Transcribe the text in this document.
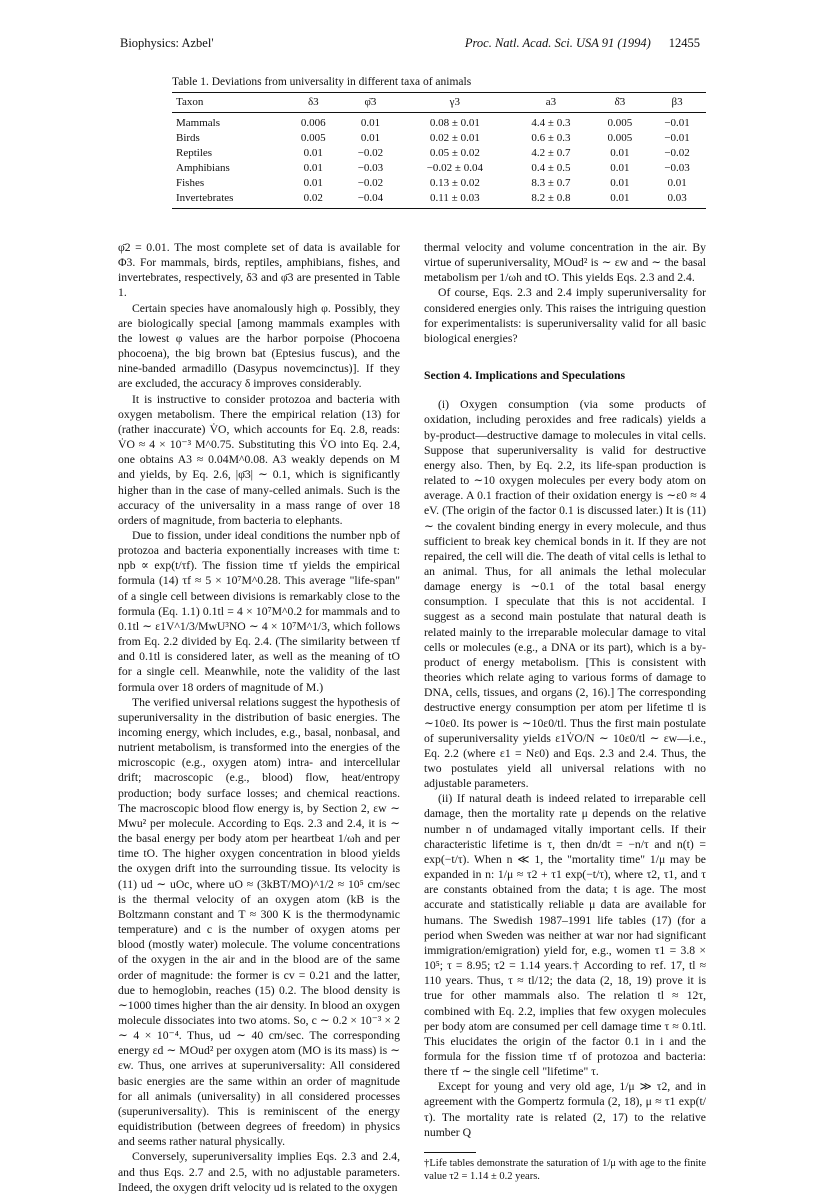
Biophysics: Azbel'	Proc. Natl. Acad. Sci. USA 91 (1994) 12455
Table 1. Deviations from universality in different taxa of animals
Taxon	δ3	φ̄3	γ3	a3	δ̄3	β3
Mammals	0.006	0.01	0.08 ± 0.01	4.4 ± 0.3	0.005	−0.01
Birds	0.005	0.01	0.02 ± 0.01	0.6 ± 0.3	0.005	−0.01
Reptiles	0.01	−0.02	0.05 ± 0.02	4.2 ± 0.7	0.01	−0.02
Amphibians	0.01	−0.03	−0.02 ± 0.04	0.4 ± 0.5	0.01	−0.03
Fishes	0.01	−0.02	0.13 ± 0.02	8.3 ± 0.7	0.01	0.01
Invertebrates	0.02	−0.04	0.11 ± 0.03	8.2 ± 0.8	0.01	0.03

φ̄2 = 0.01. The most complete set of data is available for Φ3. For mammals, birds, reptiles, amphibians, fishes, and invertebrates, respectively, δ3 and φ̄3 are presented in Table 1.

Certain species have anomalously high φ. Possibly, they are biologically special [among mammals examples with the lowest φ values are the harbor porpoise (Phocoena phocoena), the big brown bat (Eptesius fuscus), and the nine-banded armadillo (Dasypus novemcinctus)]. If they are excluded, the accuracy δ improves considerably.

It is instructive to consider protozoa and bacteria with oxygen metabolism. There the empirical relation (13) for (rather inaccurate) V̇O, which accounts for Eq. 2.8, reads: V̇O ≈ 4 × 10⁻³ M^0.75. Substituting this V̇O into Eq. 2.4, one obtains A3 ≈ 0.04M^0.08. A3 weakly depends on M and yields, by Eq. 2.6, |φ̄3| ∼ 0.1, which is significantly higher than in the case of many-celled animals. Such is the accuracy of the universality in a mass range of over 18 orders of magnitude, from bacteria to elephants.

Due to fission, under ideal conditions the number npb of protozoa and bacteria exponentially increases with time t: npb ∝ exp(t/τf). The fission time τf yields the empirical formula (14) τf ≈ 5 × 10⁷M^0.28. This average "life-span" of a single cell between divisions is remarkably close to the formula (Eq. 1.1) 0.1tl = 4 × 10⁷M^0.2 for mammals and to 0.1tl ∼ ε1V^1/3/MwU³NO ∼ 4 × 10⁷M^1/3, which follows from Eq. 2.2 divided by Eq. 2.4. (The similarity between τf and 0.1tl is considered later, as well as the meaning of tO for a single cell. Meanwhile, note the validity of the last formula over 18 orders of magnitude of M.)

The verified universal relations suggest the hypothesis of superuniversality in the distribution of basic energies. The incoming energy, which includes, e.g., basal, nonbasal, and nutrient metabolism, is transformed into the energies of the microscopic (e.g., oxygen atom) intra- and intercellular drift; macroscopic (e.g., blood) flow, heat/entropy production; body surface losses; and chemical reactions. The macroscopic blood flow energy is, by Section 2, εw ∼ Mwu² per molecule. According to Eqs. 2.3 and 2.4, it is ∼ the basal energy per body atom per heartbeat 1/ωh and per time tO. The higher oxygen concentration in blood yields the oxygen drift into the surrounding tissue. Its velocity is (11) ud ∼ uOc, where uO ≈ (3kBT/MO)^1/2 ≈ 10⁵ cm/sec is the thermal velocity of an oxygen atom (kB is the Boltzmann constant and T ≈ 300 K is the thermodynamic temperature) and c is the number of oxygen atoms per blood (mostly water) molecule. The volume concentrations of the oxygen in the air and in the blood are of the same order of magnitude: the former is cv = 0.21 and the latter, due to hemoglobin, reaches (15) 0.2. The blood density is ∼1000 times higher than the air density. In blood an oxygen molecule dissociates into two atoms. So, c ∼ 0.2 × 10⁻³ × 2 ∼ 4 × 10⁻⁴. Thus, ud ∼ 40 cm/sec. The corresponding energy εd ∼ MOud² per oxygen atom (MO is its mass) is ∼ εw. Thus, one arrives at superuniversality: All considered basic energies are the same within an order of magnitude for all animals (universality) in all considered processes (superuniversality). This is reminiscent of the energy equidistribution (between degrees of freedom) in physics and seems rather natural physically.

Conversely, superuniversality implies Eqs. 2.3 and 2.4, and thus Eqs. 2.7 and 2.5, with no adjustable parameters. Indeed, the oxygen drift velocity ud is related to the oxygen

thermal velocity and volume concentration in the air. By virtue of superuniversality, MOud² is ∼ εw and ∼ the basal metabolism per 1/ωh and tO. This yields Eqs. 2.3 and 2.4.

Of course, Eqs. 2.3 and 2.4 imply superuniversality for considered energies only. This raises the intriguing question for experimentalists: is superuniversality valid for all basic biological energies?

Section 4. Implications and Speculations

(i) Oxygen consumption (via some products of oxidation, including peroxides and free radicals) yields a by-product—destructive damage to molecules in vital cells. Suppose that superuniversality is valid for destructive energy also. Then, by Eq. 2.2, its life-span production is related to ∼10 oxygen molecules per every body atom on average. A 0.1 fraction of their oxidation energy is ∼ε0 ≈ 4 eV. (The origin of the factor 0.1 is discussed later.) It is (11) ∼ the covalent binding energy in every molecule, and thus sufficient to break key chemical bonds in it. If they are not repaired, the cell will die. The death of vital cells is lethal to an animal. Thus, for all animals the lethal molecular damage energy is ∼0.1 of the total basal energy consumption. I speculate that this is not accidental. I suggest as a second main postulate that natural death is related mainly to the irreparable molecular damage to vital cells or molecules (e.g., a DNA or its part), which is a by-product of energy metabolism. [This is consistent with theories which relate aging to various forms of damage to DNA, cells, tissues, and organs (2, 16).] The corresponding destructive energy consumption per atom per lifetime tl is ∼10ε0. Its power is ∼10ε0/tl. Thus the first main postulate of superuniversality yields ε1V̇O/N ∼ 10ε0/tl ∼ εw—i.e., Eq. 2.2 (where ε1 = Nε0) and Eqs. 2.3 and 2.4. Thus, the two postulates yield all universal relations with no adjustable parameters.

(ii) If natural death is indeed related to irreparable cell damage, then the mortality rate μ depends on the relative number n of undamaged vitally important cells. If their characteristic lifetime is τ, then dn/dt = −n/τ and n(t) = exp(−t/τ). When n ≪ 1, the "mortality time" 1/μ may be expanded in n: 1/μ ≈ τ2 + τ1 exp(−t/τ), where τ2, τ1, and τ are constants obtained from the data; t is age. The most accurate and statistically reliable μ data are available for humans. The Swedish 1987–1991 life tables (17) (for a period when Sweden was neither at war nor had significant immigration/emigration) yield for, e.g., women τ1 = 3.8 × 10⁵; τ = 8.95; τ2 = 1.14 years.† According to ref. 17, tl ≈ 110 years. Thus, τ ≈ tl/12; the data (2, 18, 19) prove it is true for other mammals also. The relation tl ≈ 12τ, combined with Eq. 2.2, implies that few oxygen molecules per body atom are consumed per cell damage time τ ≈ 0.1tl. This elucidates the origin of the factor 0.1 in i and the formula for the fission time τf of protozoa and bacteria: there τf ∼ the single cell "lifetime" τ.

Except for young and very old age, 1/μ ≫ τ2, and in agreement with the Gompertz formula (2, 18), μ ≈ τ1 exp(t/τ). The mortality rate is related (2, 17) to the relative number Q

†Life tables demonstrate the saturation of 1/μ with age to the finite value τ2 = 1.14 ± 0.2 years.
